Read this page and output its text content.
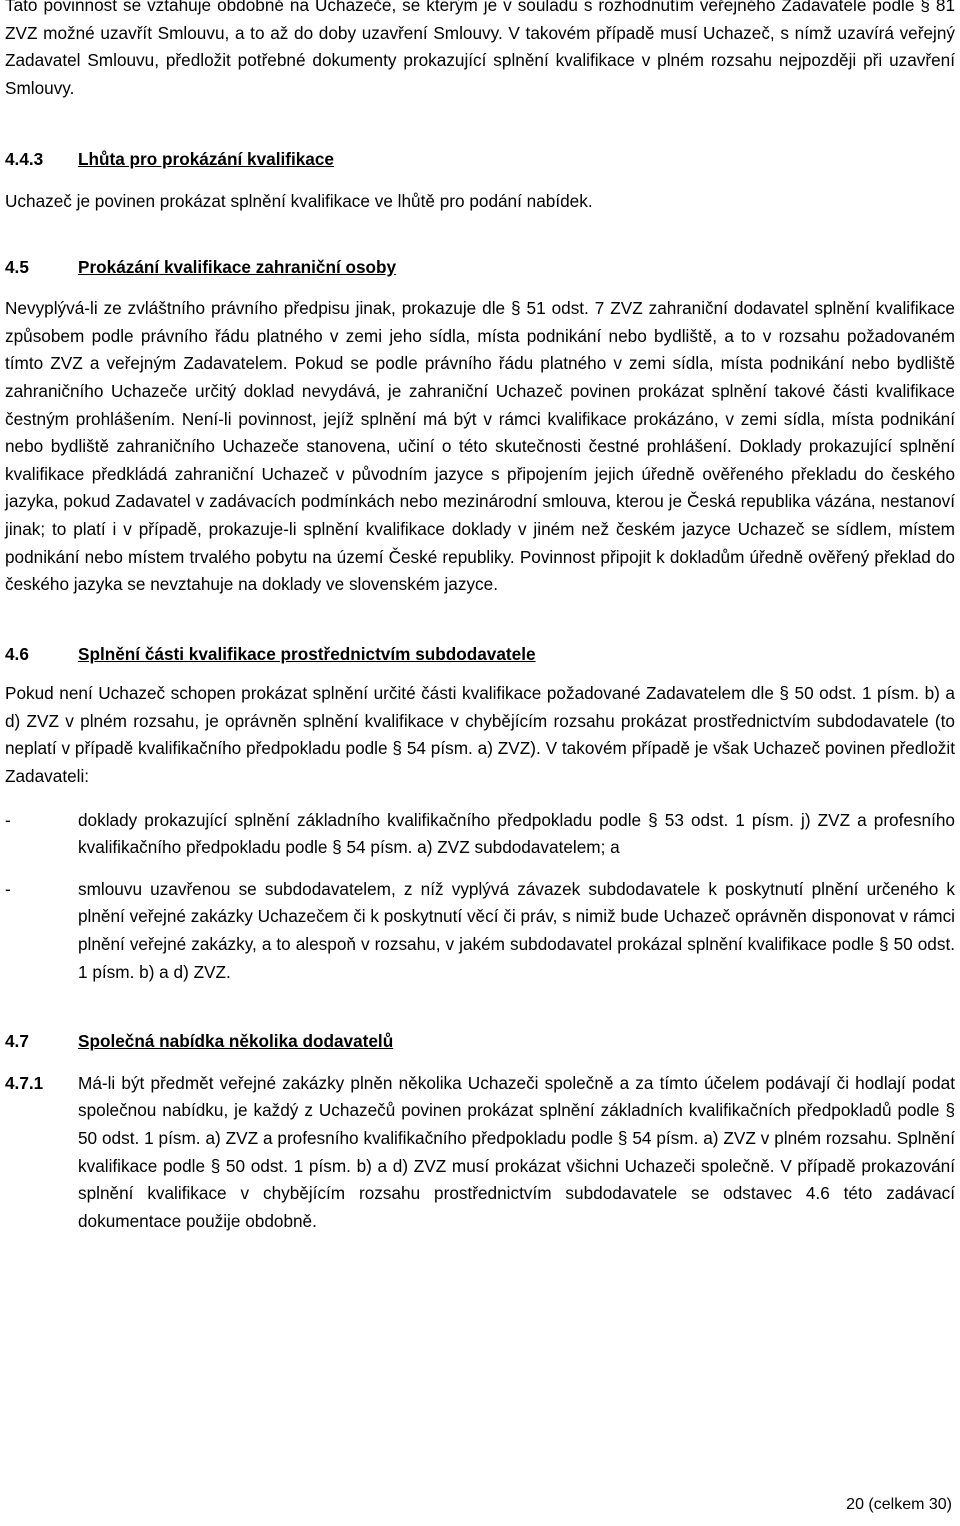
Tato povinnost se vztahuje obdobně na Uchazeče, se kterým je v souladu s rozhodnutím veřejného Zadavatele podle § 81 ZVZ možné uzavřít Smlouvu, a to až do doby uzavření Smlouvy. V takovém případě musí Uchazeč, s nímž uzavírá veřejný Zadavatel Smlouvu, předložit potřebné dokumenty prokazující splnění kvalifikace v plném rozsahu nejpozději při uzavření Smlouvy.

4.4.3	Lhůta pro prokázání kvalifikace

Uchazeč je povinen prokázat splnění kvalifikace ve lhůtě pro podání nabídek.

4.5	Prokázání kvalifikace zahraniční osoby

Nevyplývá-li ze zvláštního právního předpisu jinak, prokazuje dle § 51 odst. 7 ZVZ zahraniční dodavatel splnění kvalifikace způsobem podle právního řádu platného v zemi jeho sídla, místa podnikání nebo bydliště, a to v rozsahu požadovaném tímto ZVZ a veřejným Zadavatelem. Pokud se podle právního řádu platného v zemi sídla, místa podnikání nebo bydliště zahraničního Uchazeče určitý doklad nevydává, je zahraniční Uchazeč povinen prokázat splnění takové části kvalifikace čestným prohlášením. Není-li povinnost, jejíž splnění má být v rámci kvalifikace prokázáno, v zemi sídla, místa podnikání nebo bydliště zahraničního Uchazeče stanovena, učiní o této skutečnosti čestné prohlášení. Doklady prokazující splnění kvalifikace předkládá zahraniční Uchazeč v původním jazyce s připojením jejich úředně ověřeného překladu do českého jazyka, pokud Zadavatel v zadávacích podmínkách nebo mezinárodní smlouva, kterou je Česká republika vázána, nestanoví jinak; to platí i v případě, prokazuje-li splnění kvalifikace doklady v jiném než českém jazyce Uchazeč se sídlem, místem podnikání nebo místem trvalého pobytu na území České republiky. Povinnost připojit k dokladům úředně ověřený překlad do českého jazyka se nevztahuje na doklady ve slovenském jazyce.

4.6	Splnění části kvalifikace prostřednictvím subdodavatele

Pokud není Uchazeč schopen prokázat splnění určité části kvalifikace požadované Zadavatelem dle § 50 odst. 1 písm. b) a d) ZVZ v plném rozsahu, je oprávněn splnění kvalifikace v chybějícím rozsahu prokázat prostřednictvím subdodavatele (to neplatí v případě kvalifikačního předpokladu podle § 54 písm. a) ZVZ). V takovém případě je však Uchazeč povinen předložit Zadavateli:

-	doklady prokazující splnění základního kvalifikačního předpokladu podle § 53 odst. 1 písm. j) ZVZ a profesního kvalifikačního předpokladu podle § 54 písm. a) ZVZ subdodavatelem; a
-	smlouvu uzavřenou se subdodavatelem, z níž vyplývá závazek subdodavatele k poskytnutí plnění určeného k plnění veřejné zakázky Uchazečem či k poskytnutí věcí či práv, s nimiž bude Uchazeč oprávněn disponovat v rámci plnění veřejné zakázky, a to alespoň v rozsahu, v jakém subdodavatel prokázal splnění kvalifikace podle § 50 odst. 1 písm. b) a d) ZVZ.
4.7	Společná nabídka několika dodavatelů
4.7.1	Má-li být předmět veřejné zakázky plněn několika Uchazeči společně a za tímto účelem podávají či hodlají podat společnou nabídku, je každý z Uchazečů povinen prokázat splnění základních kvalifikačních předpokladů podle § 50 odst. 1 písm. a) ZVZ a profesního kvalifikačního předpokladu podle § 54 písm. a) ZVZ v plném rozsahu. Splnění kvalifikace podle § 50 odst. 1 písm. b) a d) ZVZ musí prokázat všichni Uchazeči společně. V případě prokazování splnění kvalifikace v chybějícím rozsahu prostřednictvím subdodavatele se odstavec 4.6 této zadávací dokumentace použije obdobně.
20 (celkem 30)
